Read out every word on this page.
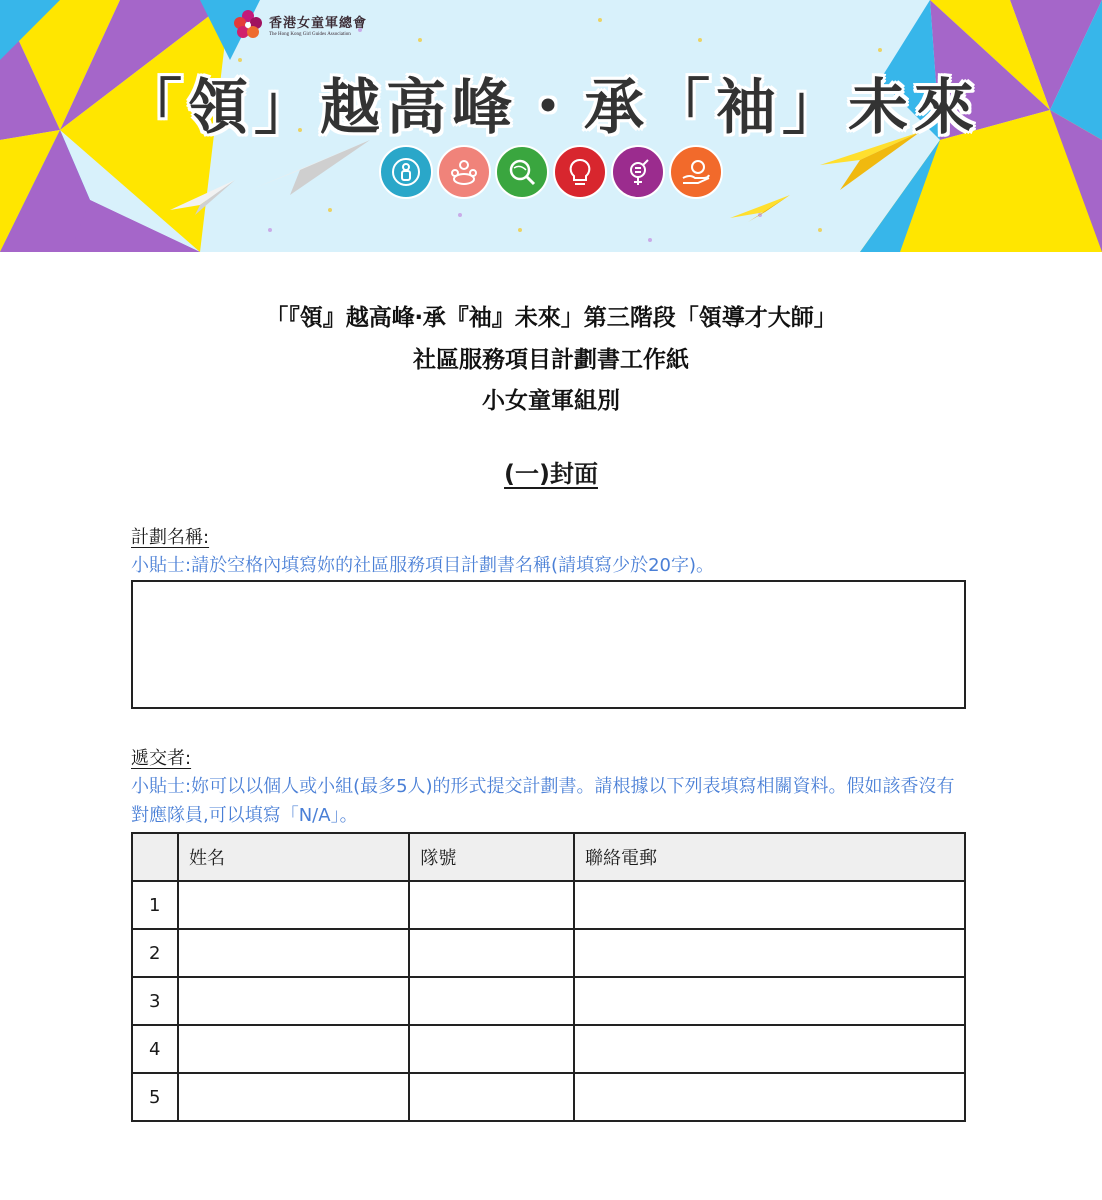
香港女童軍總會
The Hong Kong Girl Guides Association
「領」越高峰・承「袖」未來
「『領』越高峰‧承『袖』未來」第三階段「領導才大師」
社區服務項目計劃書工作紙
小女童軍組別
(一)封面
計劃名稱:
小貼士:請於空格內填寫妳的社區服務項目計劃書名稱(請填寫少於20字)。
遞交者:
小貼士:妳可以以個人或小組(最多5人)的形式提交計劃書。請根據以下列表填寫相關資料。假如該香沒有對應隊員,可以填寫「N/A」。
	姓名	隊號	聯絡電郵
1			
2			
3			
4			
5			
